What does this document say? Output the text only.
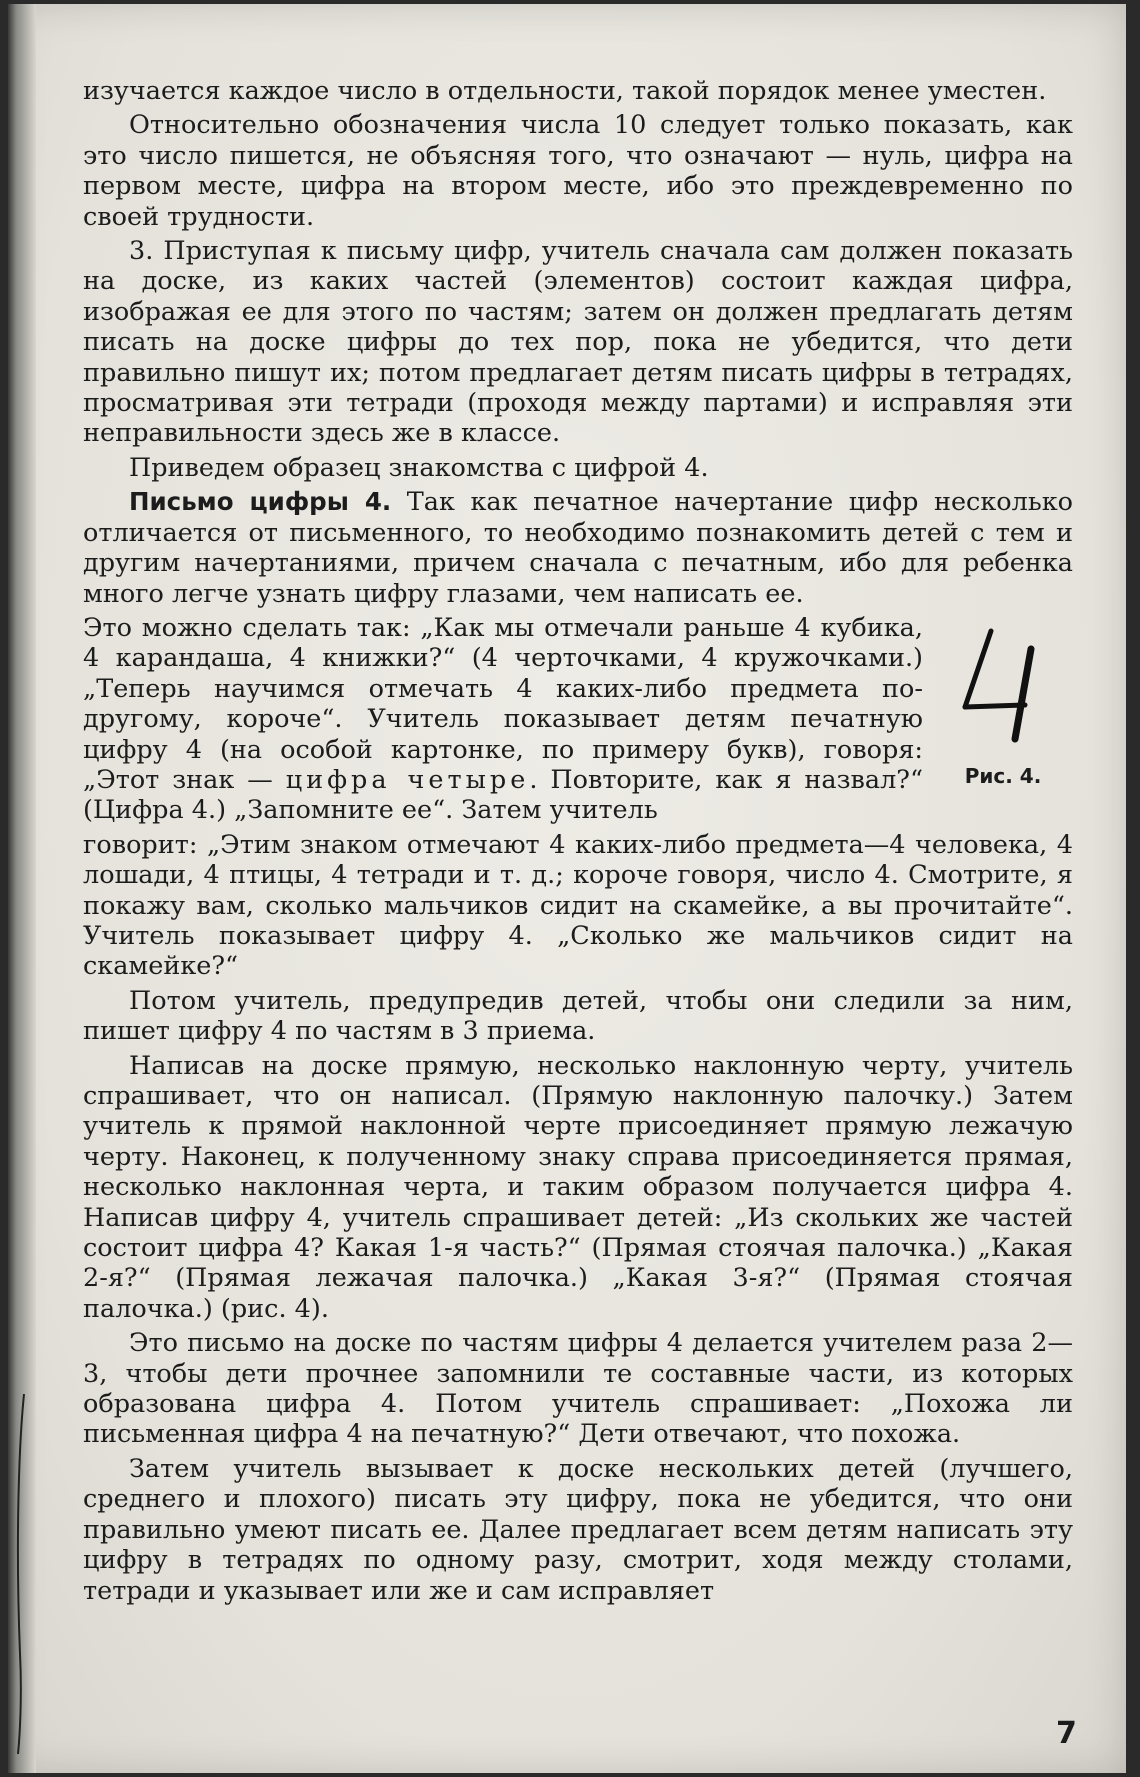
изучается каждое число в отдельности, такой порядок менее уместен.

Относительно обозначения числа 10 следует только показать, как это число пишется, не объясняя того, что означают — нуль, цифра на первом месте, цифра на втором месте, ибо это преждевременно по своей трудности.

3. Приступая к письму цифр, учитель сначала сам должен показать на доске, из каких частей (элементов) состоит каждая цифра, изображая ее для этого по частям; затем он должен предлагать детям писать на доске цифры до тех пор, пока не убедится, что дети правильно пишут их; потом предлагает детям писать цифры в тетрадях, просматривая эти тетради (проходя между партами) и исправляя эти неправильности здесь же в классе.

Приведем образец знакомства с цифрой 4.

Письмо цифры 4. Так как печатное начертание цифр несколько отличается от письменного, то необходимо познакомить детей с тем и другим начертаниями, причем сначала с печатным, ибо для ребенка много легче узнать цифру глазами, чем написать ее.

Это можно сделать так: „Как мы отмечали раньше 4 кубика, 4 карандаша, 4 книжки?“ (4 черточками, 4 кружочками.) „Теперь научимся отмечать 4 каких-либо предмета по-другому, короче“. Учитель показывает детям печатную цифру 4 (на особой картонке, по примеру букв), говоря: „Этот знак — цифра четыре. Повторите, как я назвал?“ (Цифра 4.) „Запомните ее“. Затем учитель

Рис. 4.

говорит: „Этим знаком отмечают 4 каких-либо предмета—4 человека, 4 лошади, 4 птицы, 4 тетради и т. д.; короче говоря, число 4. Смотрите, я покажу вам, сколько мальчиков сидит на скамейке, а вы прочитайте“. Учитель показывает цифру 4. „Сколько же мальчиков сидит на скамейке?“

Потом учитель, предупредив детей, чтобы они следили за ним, пишет цифру 4 по частям в 3 приема.

Написав на доске прямую, несколько наклонную черту, учитель спрашивает, что он написал. (Прямую наклонную палочку.) Затем учитель к прямой наклонной черте присоединяет прямую лежачую черту. Наконец, к полученному знаку справа присоединяется прямая, несколько наклонная черта, и таким образом получается цифра 4. Написав цифру 4, учитель спрашивает детей: „Из скольких же частей состоит цифра 4? Какая 1-я часть?“ (Прямая стоячая палочка.) „Какая 2-я?“ (Прямая лежачая палочка.) „Какая 3-я?“ (Прямая стоячая палочка.) (рис. 4).

Это письмо на доске по частям цифры 4 делается учителем раза 2—3, чтобы дети прочнее запомнили те составные части, из которых образована цифра 4. Потом учитель спрашивает: „Похожа ли письменная цифра 4 на печатную?“ Дети отвечают, что похожа.

Затем учитель вызывает к доске нескольких детей (лучшего, среднего и плохого) писать эту цифру, пока не убедится, что они правильно умеют писать ее. Далее предлагает всем детям написать эту цифру в тетрадях по одному разу, смотрит, ходя между столами, тетради и указывает или же и сам исправляет

7
